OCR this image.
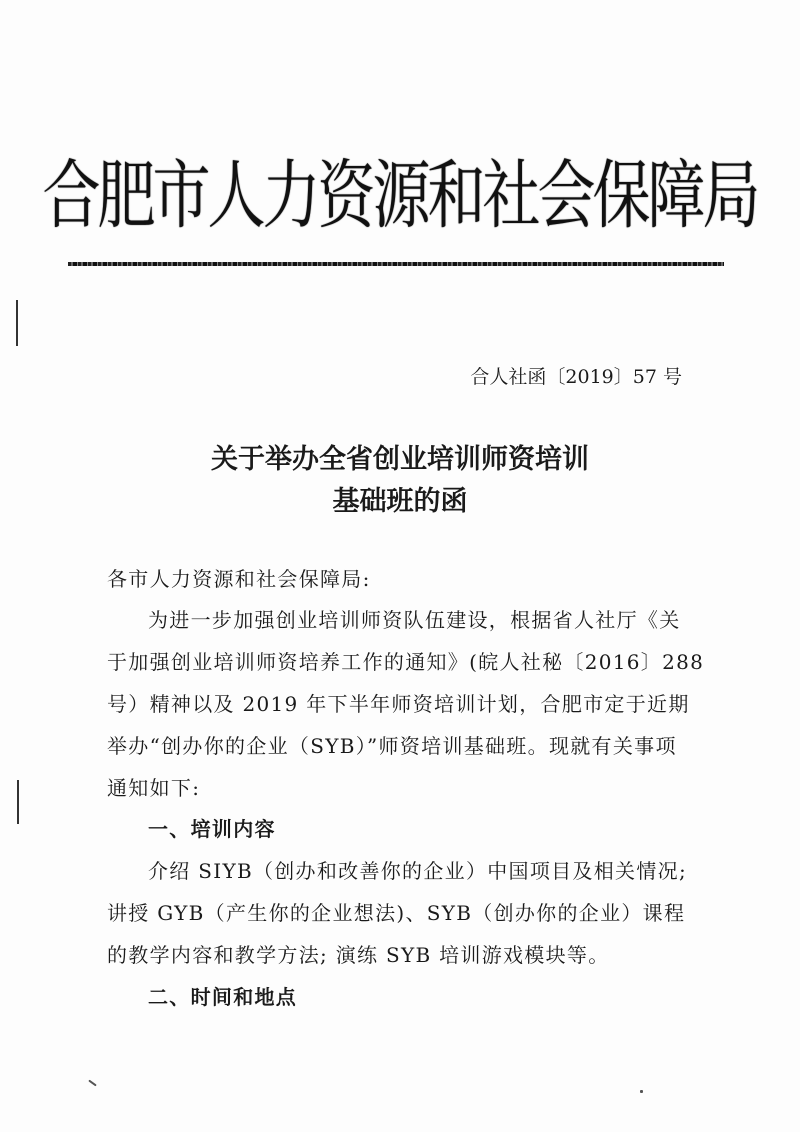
合肥市人力资源和社会保障局
合人社函〔2019〕57 号
关于举办全省创业培训师资培训
基础班的函
各市人力资源和社会保障局:
为进一步加强创业培训师资队伍建设，根据省人社厅《关
于加强创业培训师资培养工作的通知》(皖人社秘〔2016〕288
号）精神以及 2019 年下半年师资培训计划，合肥市定于近期
举办“创办你的企业（SYB）”师资培训基础班。现就有关事项
通知如下:
一、培训内容
介绍 SIYB（创办和改善你的企业）中国项目及相关情况;
讲授 GYB（产生你的企业想法)、SYB（创办你的企业）课程
的教学内容和教学方法; 演练 SYB 培训游戏模块等。
二、时间和地点
